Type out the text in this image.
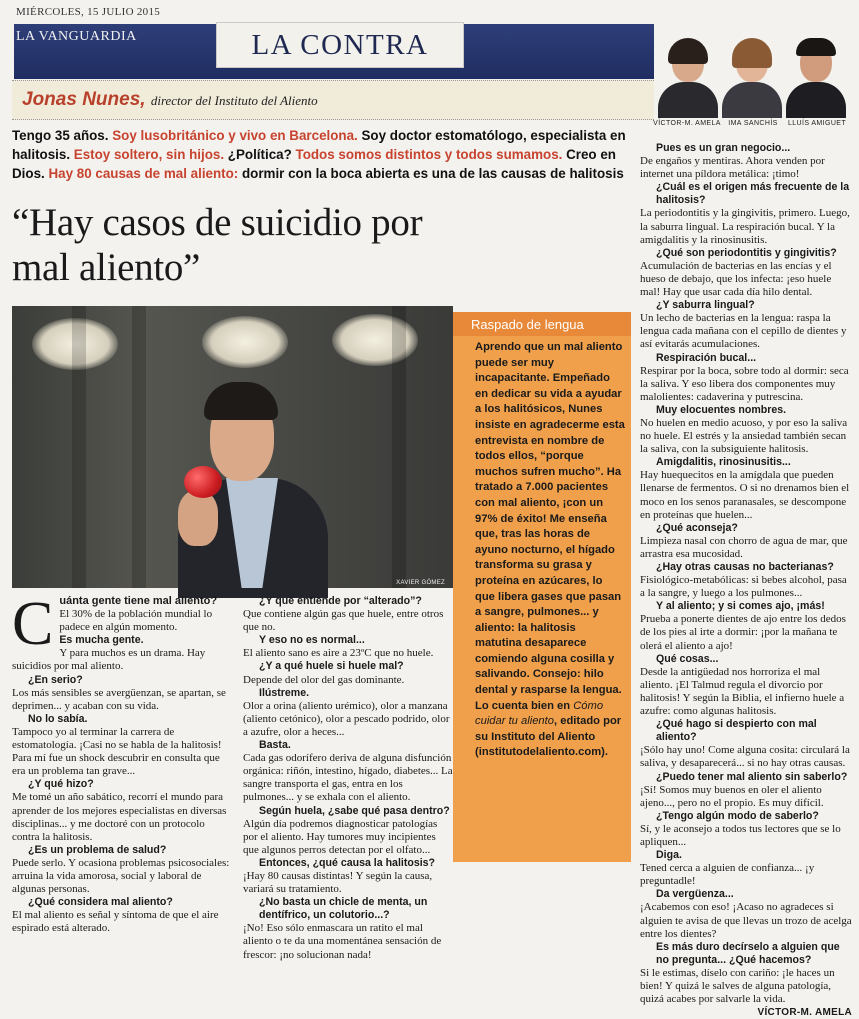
MIÉRCOLES, 15 JULIO 2015
LA VANGUARDIA	LA CONTRA
VÍCTOR-M. AMELA	IMA SANCHÍS	LLUÍS AMIGUET
Jonas Nunes, director del Instituto del Aliento
Tengo 35 años. Soy lusobritánico y vivo en Barcelona. Soy doctor estomatólogo, especialista en halitosis. Estoy soltero, sin hijos. ¿Política? Todos somos distintos y todos sumamos. Creo en Dios. Hay 80 causas de mal aliento: dormir con la boca abierta es una de las causas de halitosis
“Hay casos de suicidio por mal aliento”
XAVIER GÓMEZ
Raspado de lengua
Aprendo que un mal aliento puede ser muy incapacitante. Empeñado en dedicar su vida a ayudar a los halitósicos, Nunes insiste en agradecerme esta entrevista en nombre de todos ellos, “porque muchos sufren mucho”. Ha tratado a 7.000 pacientes con mal aliento, ¡con un 97% de éxito! Me enseña que, tras las horas de ayuno nocturno, el hígado transforma su grasa y proteína en azúcares, lo que libera gases que pasan a sangre, pulmones... y aliento: la halitosis matutina desaparece comiendo alguna cosilla y salivando. Consejo: hilo dental y rasparse la lengua. Lo cuenta bien en Cómo cuidar tu aliento, editado por su Instituto del Aliento (institutodelaliento.com).

Cuánta gente tiene mal aliento?

El 30% de la población mundial lo padece en algún momento.

Es mucha gente.

Y para muchos es un drama. Hay suicidios por mal aliento.

¿En serio?

Los más sensibles se avergüenzan, se apartan, se deprimen... y acaban con su vida.

No lo sabía.

Tampoco yo al terminar la carrera de estomatología. ¡Casi no se habla de la halitosis! Para mí fue un shock descubrir en consulta que era un problema tan grave...

¿Y qué hizo?

Me tomé un año sabático, recorrí el mundo para aprender de los mejores especialistas en diversas disciplinas... y me doctoré con un protocolo contra la halitosis.

¿Es un problema de salud?

Puede serlo. Y ocasiona problemas psicosociales: arruina la vida amorosa, social y laboral de algunas personas.

¿Qué considera mal aliento?

El mal aliento es señal y síntoma de que el aire espirado está alterado.

¿Y qué entiende por “alterado”?

Que contiene algún gas que huele, entre otros que no.

Y eso no es normal...

El aliento sano es aire a 23ºC que no huele.

¿Y a qué huele si huele mal?

Depende del olor del gas dominante.

Ilústreme.

Olor a orina (aliento urémico), olor a manzana (aliento cetónico), olor a pescado podrido, olor a azufre, olor a heces...

Basta.

Cada gas odorífero deriva de alguna disfunción orgánica: riñón, intestino, hígado, diabetes... La sangre transporta el gas, entra en los pulmones... y se exhala con el aliento.

Según huela, ¿sabe qué pasa dentro?

Algún día podremos diagnosticar patologías por el aliento. Hay tumores muy incipientes que algunos perros detectan por el olfato...

Entonces, ¿qué causa la halitosis?

¡Hay 80 causas distintas! Y según la causa, variará su tratamiento.

¿No basta un chicle de menta, un dentífrico, un colutorio...?

¡No! Eso sólo enmascara un ratito el mal aliento o te da una momentánea sensación de frescor: ¡no solucionan nada!

Pues es un gran negocio...

De engaños y mentiras. Ahora venden por internet una píldora metálica: ¡timo!

¿Cuál es el origen más frecuente de la halitosis?

La periodontitis y la gingivitis, primero. Luego, la saburra lingual. La respiración bucal. Y la amigdalitis y la rinosinusitis.

¿Qué son periodontitis y gingivitis?

Acumulación de bacterias en las encías y el hueso de debajo, que los infecta: ¡eso huele mal! Hay que usar cada día hilo dental.

¿Y saburra lingual?

Un lecho de bacterias en la lengua: raspa la lengua cada mañana con el cepillo de dientes y así evitarás acumulaciones.

Respiración bucal...

Respirar por la boca, sobre todo al dormir: seca la saliva. Y eso libera dos componentes muy malolientes: cadaverina y putrescina.

Muy elocuentes nombres.

No huelen en medio acuoso, y por eso la saliva no huele. El estrés y la ansiedad también secan la saliva, con la subsiguiente halitosis.

Amigdalitis, rinosinusitis...

Hay huequecitos en la amígdala que pueden llenarse de fermentos. O si no drenamos bien el moco en los senos paranasales, se descompone en proteínas que huelen...

¿Qué aconseja?

Limpieza nasal con chorro de agua de mar, que arrastra esa mucosidad.

¿Hay otras causas no bacterianas?

Fisiológico-metabólicas: si bebes alcohol, pasa a la sangre, y luego a los pulmones...

Y al aliento; y si comes ajo, ¡más!

Prueba a ponerte dientes de ajo entre los dedos de los pies al irte a dormir: ¡por la mañana te olerá el aliento a ajo!

Qué cosas...

Desde la antigüedad nos horroriza el mal aliento. ¡El Talmud regula el divorcio por halitosis! Y según la Biblia, el infierno huele a azufre: como algunas halitosis.

¿Qué hago si despierto con mal aliento?

¡Sólo hay uno! Come alguna cosita: circulará la saliva, y desaparecerá... si no hay otras causas.

¿Puedo tener mal aliento sin saberlo?

¡Sí! Somos muy buenos en oler el aliento ajeno..., pero no el propio. Es muy difícil.

¿Tengo algún modo de saberlo?

Sí, y le aconsejo a todos tus lectores que se lo apliquen...

Diga.

Tened cerca a alguien de confianza... ¡y preguntadle!

Da vergüenza...

¡Acabemos con eso! ¡Acaso no agradeces si alguien te avisa de que llevas un trozo de acelga entre los dientes?

Es más duro decírselo a alguien que no pregunta... ¿Qué hacemos?

Si le estimas, díselo con cariño: ¡le haces un bien! Y quizá le salves de alguna patología, quizá acabes por salvarle la vida.

VÍCTOR-M. AMELA
